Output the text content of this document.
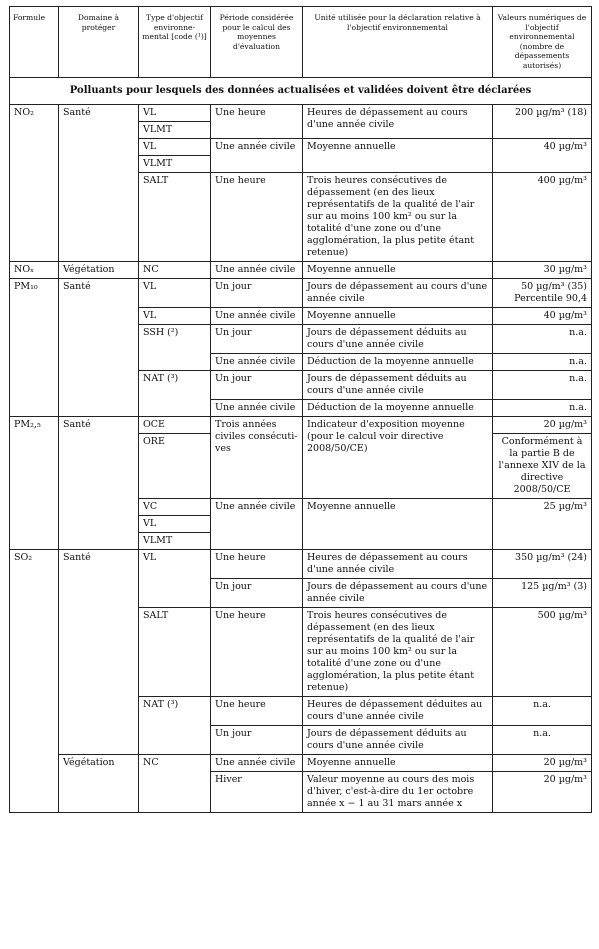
Formule	Domaine à protéger	Type d'objectif environne- mental [code (¹)]	Période considérée pour le calcul des moyennes d'évaluation	Unité utilisée pour la déclaration relative à l'objectif environnemental	Valeurs numériques de l'objectif environnemental (nombre de dépassements autorisés)
Polluants pour lesquels des données actualisées et validées doivent être déclarées					
NO₂	Santé	VL	Une heure	Heures de dépassement au cours d'une année civile	200 µg/m³ (18)
		VLMT			
		VL	Une année civile	Moyenne annuelle	40 µg/m³
		VLMT			
		SALT	Une heure	Trois heures consécutives de dépassement (en des lieux représentatifs de la qualité de l'air sur au moins 100 km² ou sur la totalité d'une zone ou d'une agglomération, la plus petite étant retenue)	400 µg/m³
NOₓ	Végétation	NC	Une année civile	Moyenne annuelle	30 µg/m³
PM₁₀	Santé	VL	Un jour	Jours de dépassement au cours d'une année civile	50 µg/m³ (35) Percentile 90,4
		VL	Une année civile	Moyenne annuelle	40 µg/m³
		SSH (²)	Un jour	Jours de dépassement déduits au cours d'une année civile	n.a.
			Une année civile	Déduction de la moyenne annuelle	n.a.
		NAT (³)	Un jour	Jours de dépassement déduits au cours d'une année civile	n.a.
			Une année civile	Déduction de la moyenne annuelle	n.a.
PM₂,₅	Santé	OCE	Trois années civiles consécuti- ves	Indicateur d'exposition moyenne (pour le calcul voir directive 2008/50/CE)	20 µg/m³
		ORE			Conformément à la partie B de l'annexe XIV de la directive 2008/50/CE
		VC	Une année civile	Moyenne annuelle	25 µg/m³
		VL			
		VLMT			
SO₂	Santé	VL	Une heure	Heures de dépassement au cours d'une année civile	350 µg/m³ (24)
			Un jour	Jours de dépassement au cours d'une année civile	125 µg/m³ (3)
		SALT	Une heure	Trois heures consécutives de dépassement (en des lieux représentatifs de la qualité de l'air sur au moins 100 km² ou sur la totalité d'une zone ou d'une agglomération, la plus petite étant retenue)	500 µg/m³
		NAT (³)	Une heure	Heures de dépassement déduites au cours d'une année civile	n.a.
			Un jour	Jours de dépassement déduits au cours d'une année civile	n.a.
	Végétation	NC	Une année civile	Moyenne annuelle	20 µg/m³
			Hiver	Valeur moyenne au cours des mois d'hiver, c'est-à-dire du 1er octobre année x − 1 au 31 mars année x	20 µg/m³
